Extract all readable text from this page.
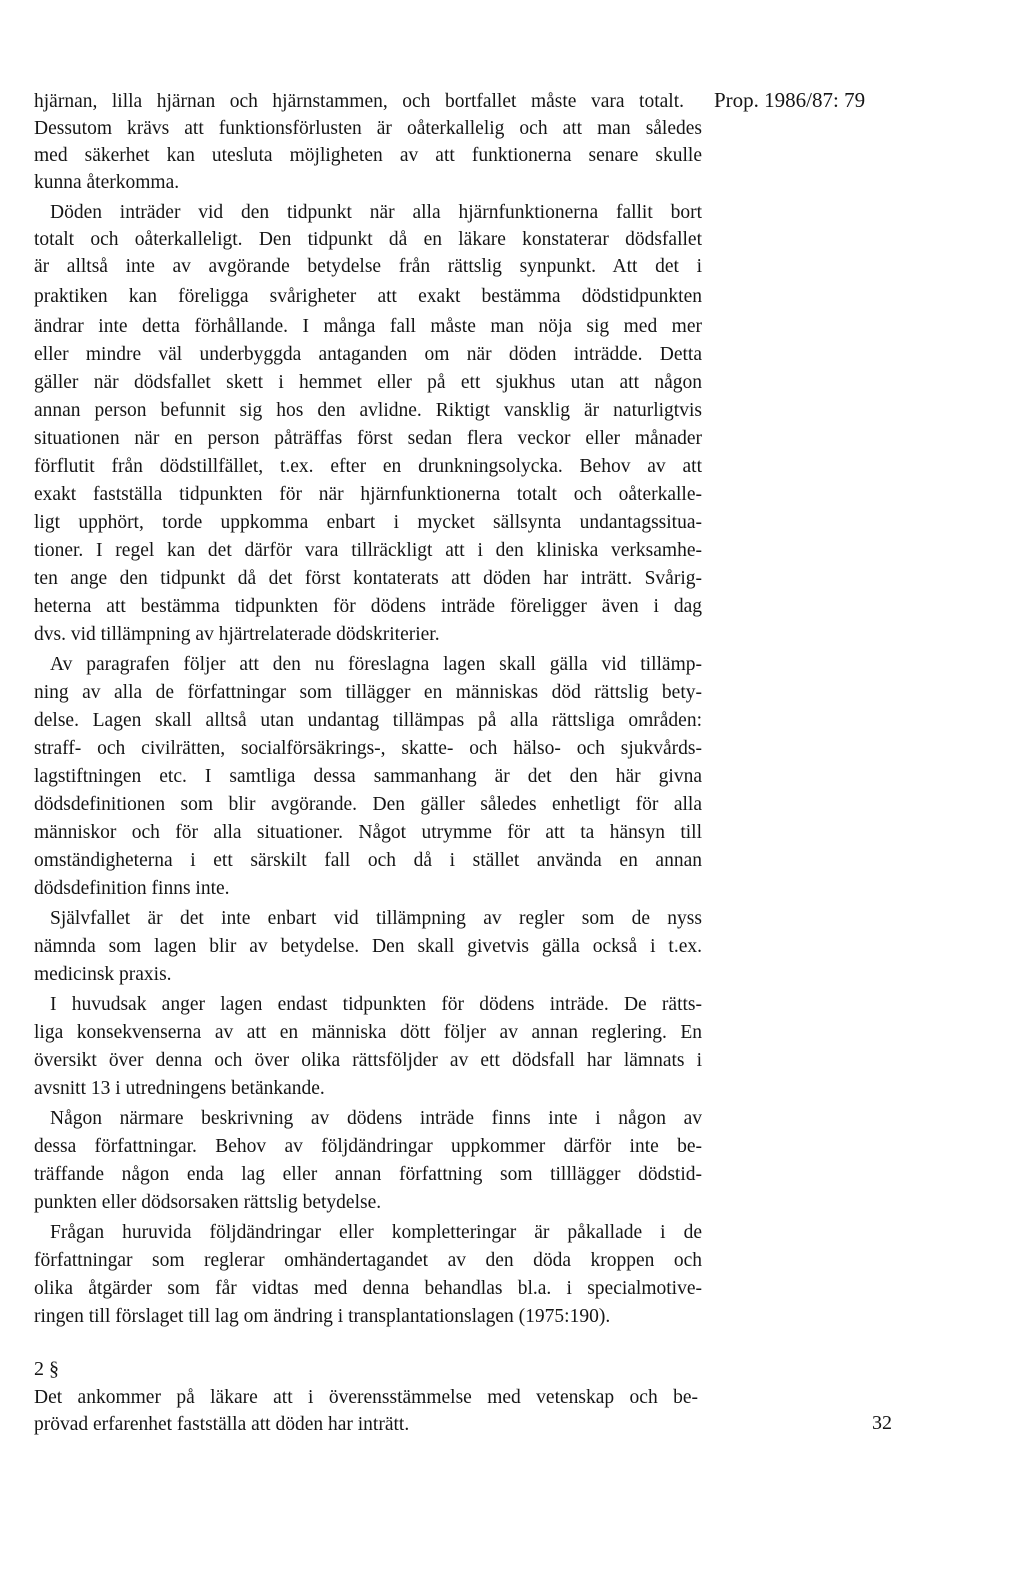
Prop. 1986/87: 79
hjärnan, lilla hjärnan och hjärnstammen, och bortfallet måste vara totalt.
Dessutom krävs att funktionsförlusten är oåterkallelig och att man således
med säkerhet kan utesluta möjligheten av att funktionerna senare skulle
kunna återkomma.
Döden inträder vid den tidpunkt när alla hjärnfunktionerna fallit bort
totalt och oåterkalleligt. Den tidpunkt då en läkare konstaterar dödsfallet
är alltså inte av avgörande betydelse från rättslig synpunkt. Att det i
praktiken kan föreligga svårigheter att exakt bestämma dödstidpunkten
ändrar inte detta förhållande. I många fall måste man nöja sig med mer
eller mindre väl underbyggda antaganden om när döden inträdde. Detta
gäller när dödsfallet skett i hemmet eller på ett sjukhus utan att någon
annan person befunnit sig hos den avlidne. Riktigt vansklig är naturligtvis
situationen när en person påträffas först sedan flera veckor eller månader
förflutit från dödstillfället, t.ex. efter en drunkningsolycka. Behov av att
exakt fastställa tidpunkten för när hjärnfunktionerna totalt och oåterkalle-
ligt upphört, torde uppkomma enbart i mycket sällsynta undantagssitua-
tioner. I regel kan det därför vara tillräckligt att i den kliniska verksamhe-
ten ange den tidpunkt då det först kontaterats att döden har inträtt. Svårig-
heterna att bestämma tidpunkten för dödens inträde föreligger även i dag
dvs. vid tillämpning av hjärtrelaterade dödskriterier.
Av paragrafen följer att den nu föreslagna lagen skall gälla vid tillämp-
ning av alla de författningar som tillägger en människas död rättslig bety-
delse. Lagen skall alltså utan undantag tillämpas på alla rättsliga områden:
straff- och civilrätten, socialförsäkrings-, skatte- och hälso- och sjukvårds-
lagstiftningen etc. I samtliga dessa sammanhang är det den här givna
dödsdefinitionen som blir avgörande. Den gäller således enhetligt för alla
människor och för alla situationer. Något utrymme för att ta hänsyn till
omständigheterna i ett särskilt fall och då i stället använda en annan
dödsdefinition finns inte.
Självfallet är det inte enbart vid tillämpning av regler som de nyss
nämnda som lagen blir av betydelse. Den skall givetvis gälla också i t.ex.
medicinsk praxis.
I huvudsak anger lagen endast tidpunkten för dödens inträde. De rätts-
liga konsekvenserna av att en människa dött följer av annan reglering. En
översikt över denna och över olika rättsföljder av ett dödsfall har lämnats i
avsnitt 13 i utredningens betänkande.
Någon närmare beskrivning av dödens inträde finns inte i någon av
dessa författningar. Behov av följdändringar uppkommer därför inte be-
träffande någon enda lag eller annan författning som tilllägger dödstid-
punkten eller dödsorsaken rättslig betydelse.
Frågan huruvida följdändringar eller kompletteringar är påkallade i de
författningar som reglerar omhändertagandet av den döda kroppen och
olika åtgärder som får vidtas med denna behandlas bl.a. i specialmotive-
ringen till förslaget till lag om ändring i transplantationslagen (1975:190).
2 §
Det ankommer på läkare att i överensstämmelse med vetenskap och be-
prövad erfarenhet fastställa att döden har inträtt.	32
